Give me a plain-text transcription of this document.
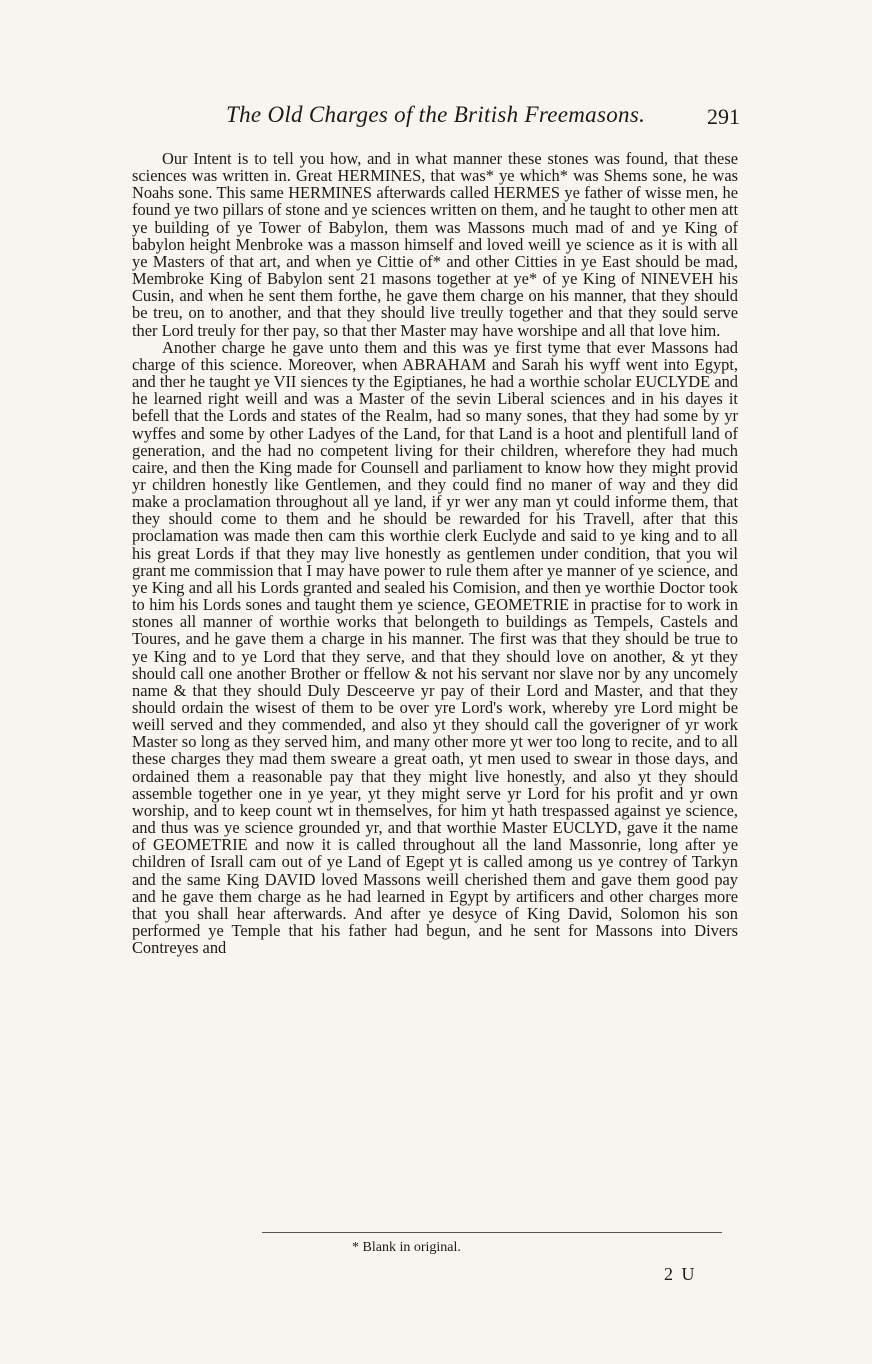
The Old Charges of the British Freemasons.	291

Our Intent is to tell you how, and in what manner these stones was found, that these sciences was written in. Great HERMINES, that was* ye which* was Shems sone, he was Noahs sone. This same HERMINES afterwards called HERMES ye father of wisse men, he found ye two pillars of stone and ye sciences written on them, and he taught to other men att ye building of ye Tower of Babylon, them was Massons much mad of and ye King of babylon height Menbroke was a masson himself and loved weill ye science as it is with all ye Masters of that art, and when ye Cittie of* and other Citties in ye East should be mad, Membroke King of Babylon sent 21 masons together at ye* of ye King of NINEVEH his Cusin, and when he sent them forthe, he gave them charge on his manner, that they should be treu, on to another, and that they should live treully together and that they sould serve ther Lord treuly for ther pay, so that ther Master may have worshipe and all that love him.

Another charge he gave unto them and this was ye first tyme that ever Massons had charge of this science. Moreover, when ABRAHAM and Sarah his wyff went into Egypt, and ther he taught ye VII siences ty the Egiptianes, he had a worthie scholar EUCLYDE and he learned right weill and was a Master of the sevin Liberal sciences and in his dayes it befell that the Lords and states of the Realm, had so many sones, that they had some by yr wyffes and some by other Ladyes of the Land, for that Land is a hoot and plentifull land of generation, and the had no competent living for their children, wherefore they had much caire, and then the King made for Counsell and parliament to know how they might provid yr children honestly like Gentlemen, and they could find no maner of way and they did make a proclamation throughout all ye land, if yr wer any man yt could informe them, that they should come to them and he should be rewarded for his Travell, after that this proclamation was made then cam this worthie clerk Euclyde and said to ye king and to all his great Lords if that they may live honestly as gentlemen under condition, that you wil grant me commission that I may have power to rule them after ye manner of ye science, and ye King and all his Lords granted and sealed his Comision, and then ye worthie Doctor took to him his Lords sones and taught them ye science, GEOMETRIE in practise for to work in stones all manner of worthie works that belongeth to buildings as Tempels, Castels and Toures, and he gave them a charge in his manner. The first was that they should be true to ye King and to ye Lord that they serve, and that they should love on another, & yt they should call one another Brother or ffellow & not his servant nor slave nor by any uncomely name & that they should Duly Desceerve yr pay of their Lord and Master, and that they should ordain the wisest of them to be over yre Lord's work, whereby yre Lord might be weill served and they commended, and also yt they should call the goverigner of yr work Master so long as they served him, and many other more yt wer too long to recite, and to all these charges they mad them sweare a great oath, yt men used to swear in those days, and ordained them a reasonable pay that they might live honestly, and also yt they should assemble together one in ye year, yt they might serve yr Lord for his profit and yr own worship, and to keep count wt in themselves, for him yt hath trespassed against ye science, and thus was ye science grounded yr, and that worthie Master EUCLYD, gave it the name of GEOMETRIE and now it is called throughout all the land Massonrie, long after ye children of Israll cam out of ye Land of Egept yt is called among us ye contrey of Tarkyn and the same King DAVID loved Massons weill cherished them and gave them good pay and he gave them charge as he had learned in Egypt by artificers and other charges more that you shall hear afterwards. And after ye desyce of King David, Solomon his son performed ye Temple that his father had begun, and he sent for Massons into Divers Contreyes and

* Blank in original.
2 U
